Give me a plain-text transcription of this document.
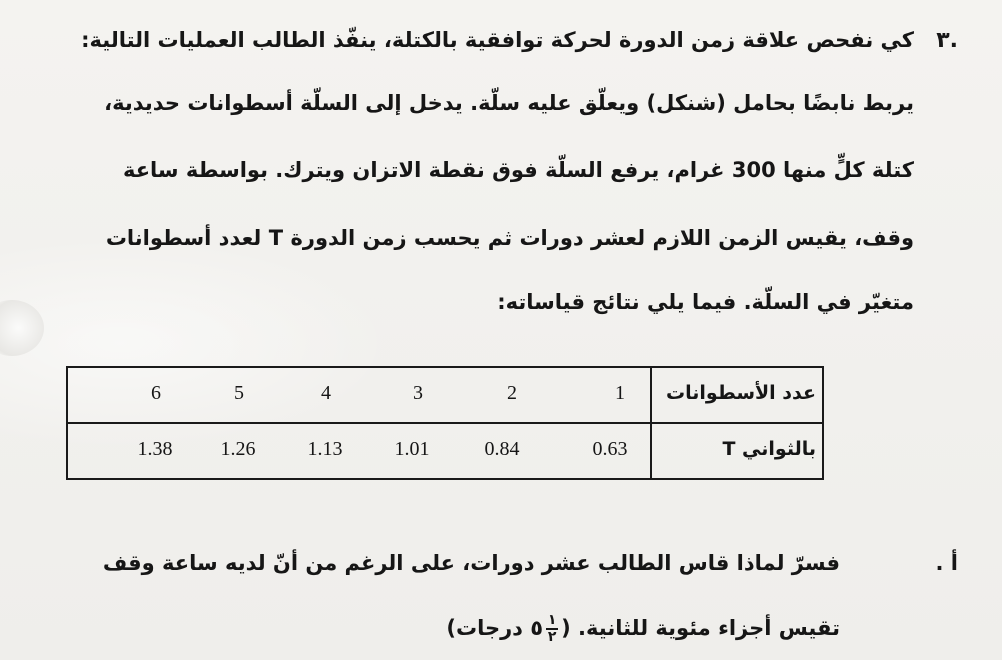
.٣
كي نفحص علاقة زمن الدورة لحركة توافقية بالكتلة، ينفّذ الطالب العمليات التالية:
يربط نابضًا بحامل (شنكل) ويعلّق عليه سلّة. يدخل إلى السلّة أسطوانات حديدية،
كتلة كلٍّ منها 300 غرام، يرفع السلّة فوق نقطة الاتزان ويترك. بواسطة ساعة
وقف، يقيس الزمن اللازم لعشر دورات ثم يحسب زمن الدورة T لعدد أسطوانات
متغيّر في السلّة. فيما يلي نتائج قياساته:
عدد الأسطوانات
بالثواني T
1
2
3
4
5
6
0.63
0.84
1.01
1.13
1.26
1.38
أ .
فسرّ لماذا قاس الطالب عشر دورات، على الرغم من أنّ لديه ساعة وقف
تقيس أجزاء مئوية للثانية. ($\frac{١}{٢}٥$ درجات)
